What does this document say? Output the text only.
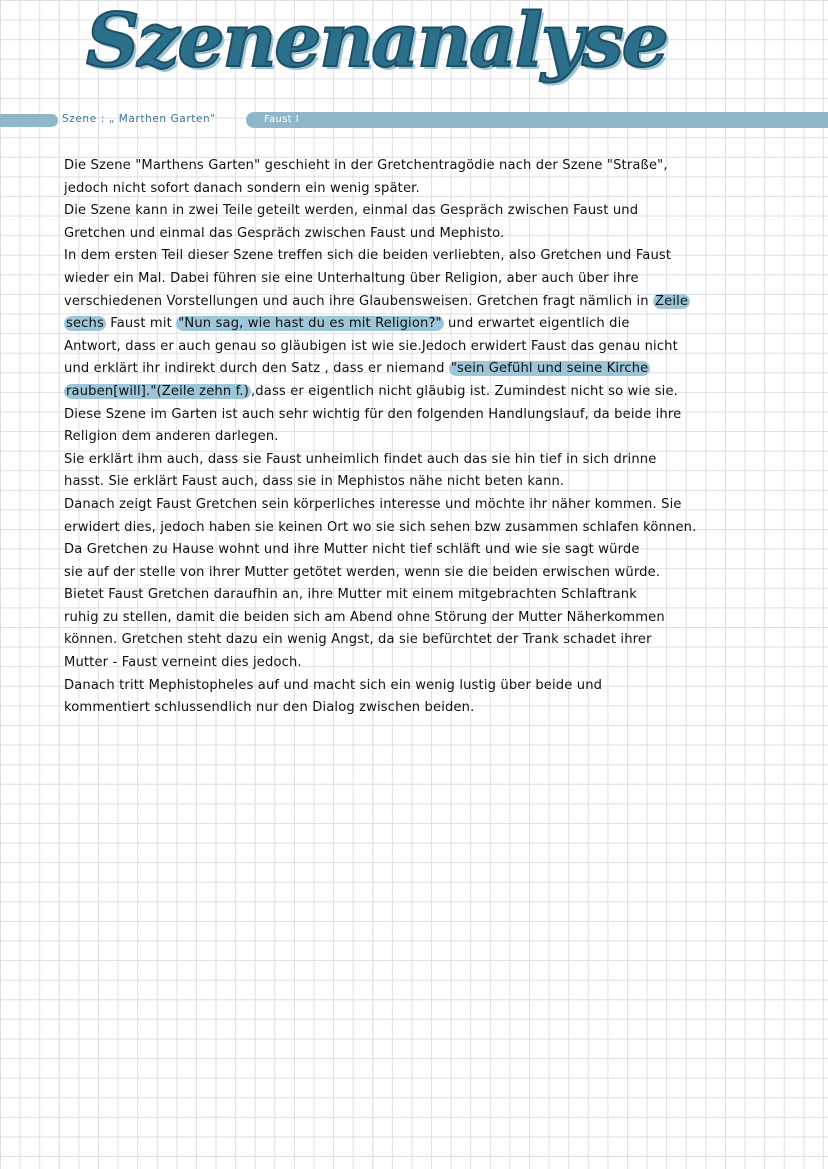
Szenenanalyse
Szene : „ Marthen Garten"	Faust I
Die Szene "Marthens Garten" geschieht in der Gretchentragödie nach der Szene "Straße",
jedoch nicht sofort danach sondern ein wenig später.
Die Szene kann in zwei Teile geteilt werden, einmal das Gespräch zwischen Faust und
Gretchen und einmal das Gespräch zwischen Faust und Mephisto.
In dem ersten Teil dieser Szene treffen sich die beiden verliebten, also Gretchen und Faust
wieder ein Mal. Dabei führen sie eine Unterhaltung über Religion, aber auch über ihre
verschiedenen Vorstellungen und auch ihre Glaubensweisen. Gretchen fragt nämlich in Zeile
sechs Faust mit "Nun sag, wie hast du es mit Religion?" und erwartet eigentlich die
Antwort, dass er auch genau so gläubigen ist wie sie.Jedoch erwidert Faust das genau nicht
und erklärt ihr indirekt durch den Satz , dass er niemand "sein Gefühl und seine Kirche
rauben[will]."(Zeile zehn f.) ,dass er eigentlich nicht gläubig ist. Zumindest nicht so wie sie.
Diese Szene im Garten ist auch sehr wichtig für den folgenden Handlungslauf, da beide ihre
Religion dem anderen darlegen.
Sie erklärt ihm auch, dass sie Faust unheimlich findet auch das sie hin tief in sich drinne
hasst. Sie erklärt Faust auch, dass sie in Mephistos nähe nicht beten kann.
Danach zeigt Faust Gretchen sein körperliches interesse und möchte ihr näher kommen. Sie
erwidert dies, jedoch haben sie keinen Ort wo sie sich sehen bzw zusammen schlafen können.
Da Gretchen zu Hause wohnt und ihre Mutter nicht tief schläft und wie sie sagt würde
sie auf der stelle von ihrer Mutter getötet werden, wenn sie die beiden erwischen würde.
Bietet Faust Gretchen daraufhin an, ihre Mutter mit einem mitgebrachten Schlaftrank
ruhig zu stellen, damit die beiden sich am Abend ohne Störung der Mutter Näherkommen
können. Gretchen steht dazu ein wenig Angst, da sie befürchtet der Trank schadet ihrer
Mutter - Faust verneint dies jedoch.
Danach tritt Mephistopheles auf und macht sich ein wenig lustig über beide und
kommentiert schlussendlich nur den Dialog zwischen beiden.
